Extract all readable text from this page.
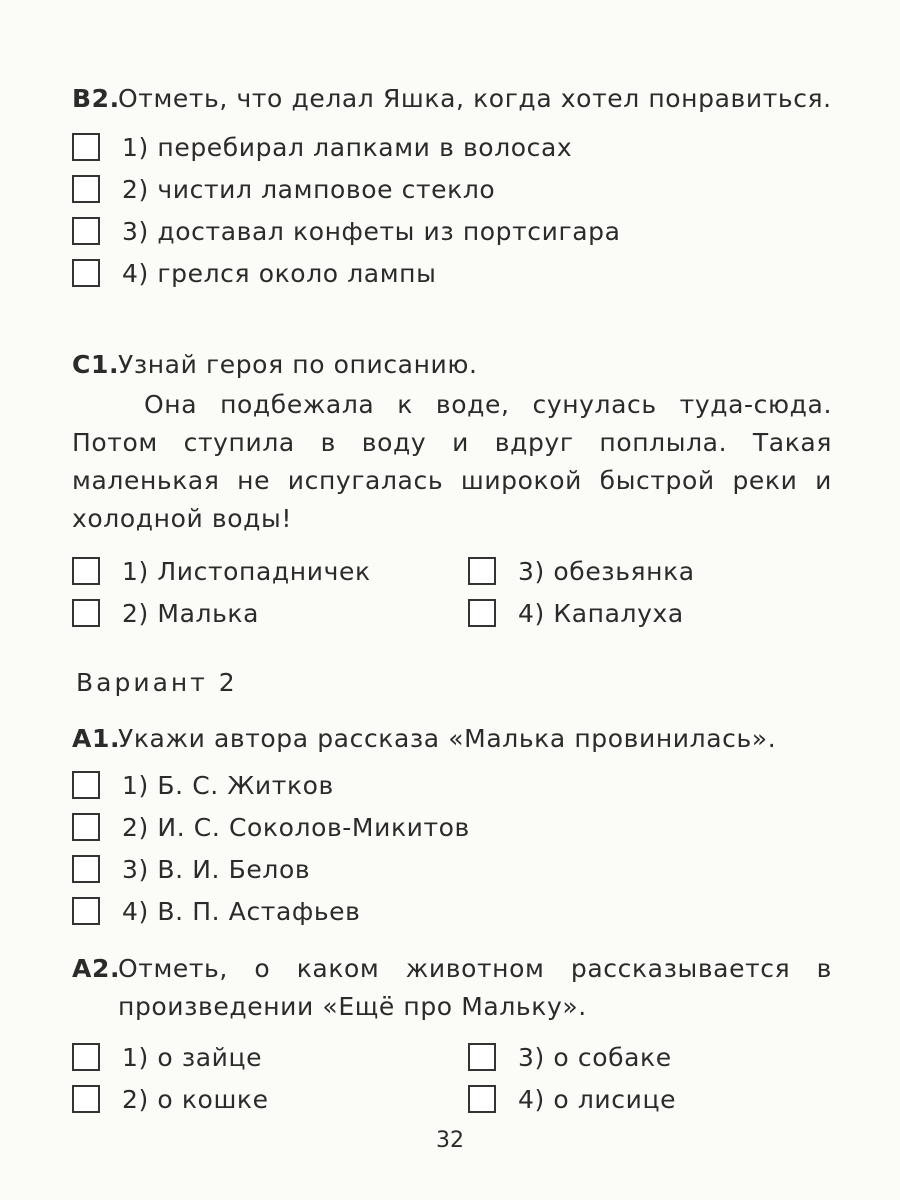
B2.
Отметь, что делал Яшка, когда хотел понравиться.
1) перебирал лапками в волосах
2) чистил ламповое стекло
3) доставал конфеты из портсигара
4) грелся около лампы
С1.
Узнай героя по описанию.
Она подбежала к воде, сунулась туда-сюда. Потом ступила в воду и вдруг поплыла. Такая маленькая не испугалась широкой быстрой реки и холодной воды!
1) Листопадничек	3) обезьянка
2) Малька	4) Капалуха
Вариант 2
А1.
Укажи автора рассказа «Малька провинилась».
1) Б. С. Житков
2) И. С. Соколов-Микитов
3) В. И. Белов
4) В. П. Астафьев
А2.
Отметь, о каком животном рассказывается в произведении «Ещё про Мальку».
1) о зайце	3) о собаке
2) о кошке	4) о лисице
32
